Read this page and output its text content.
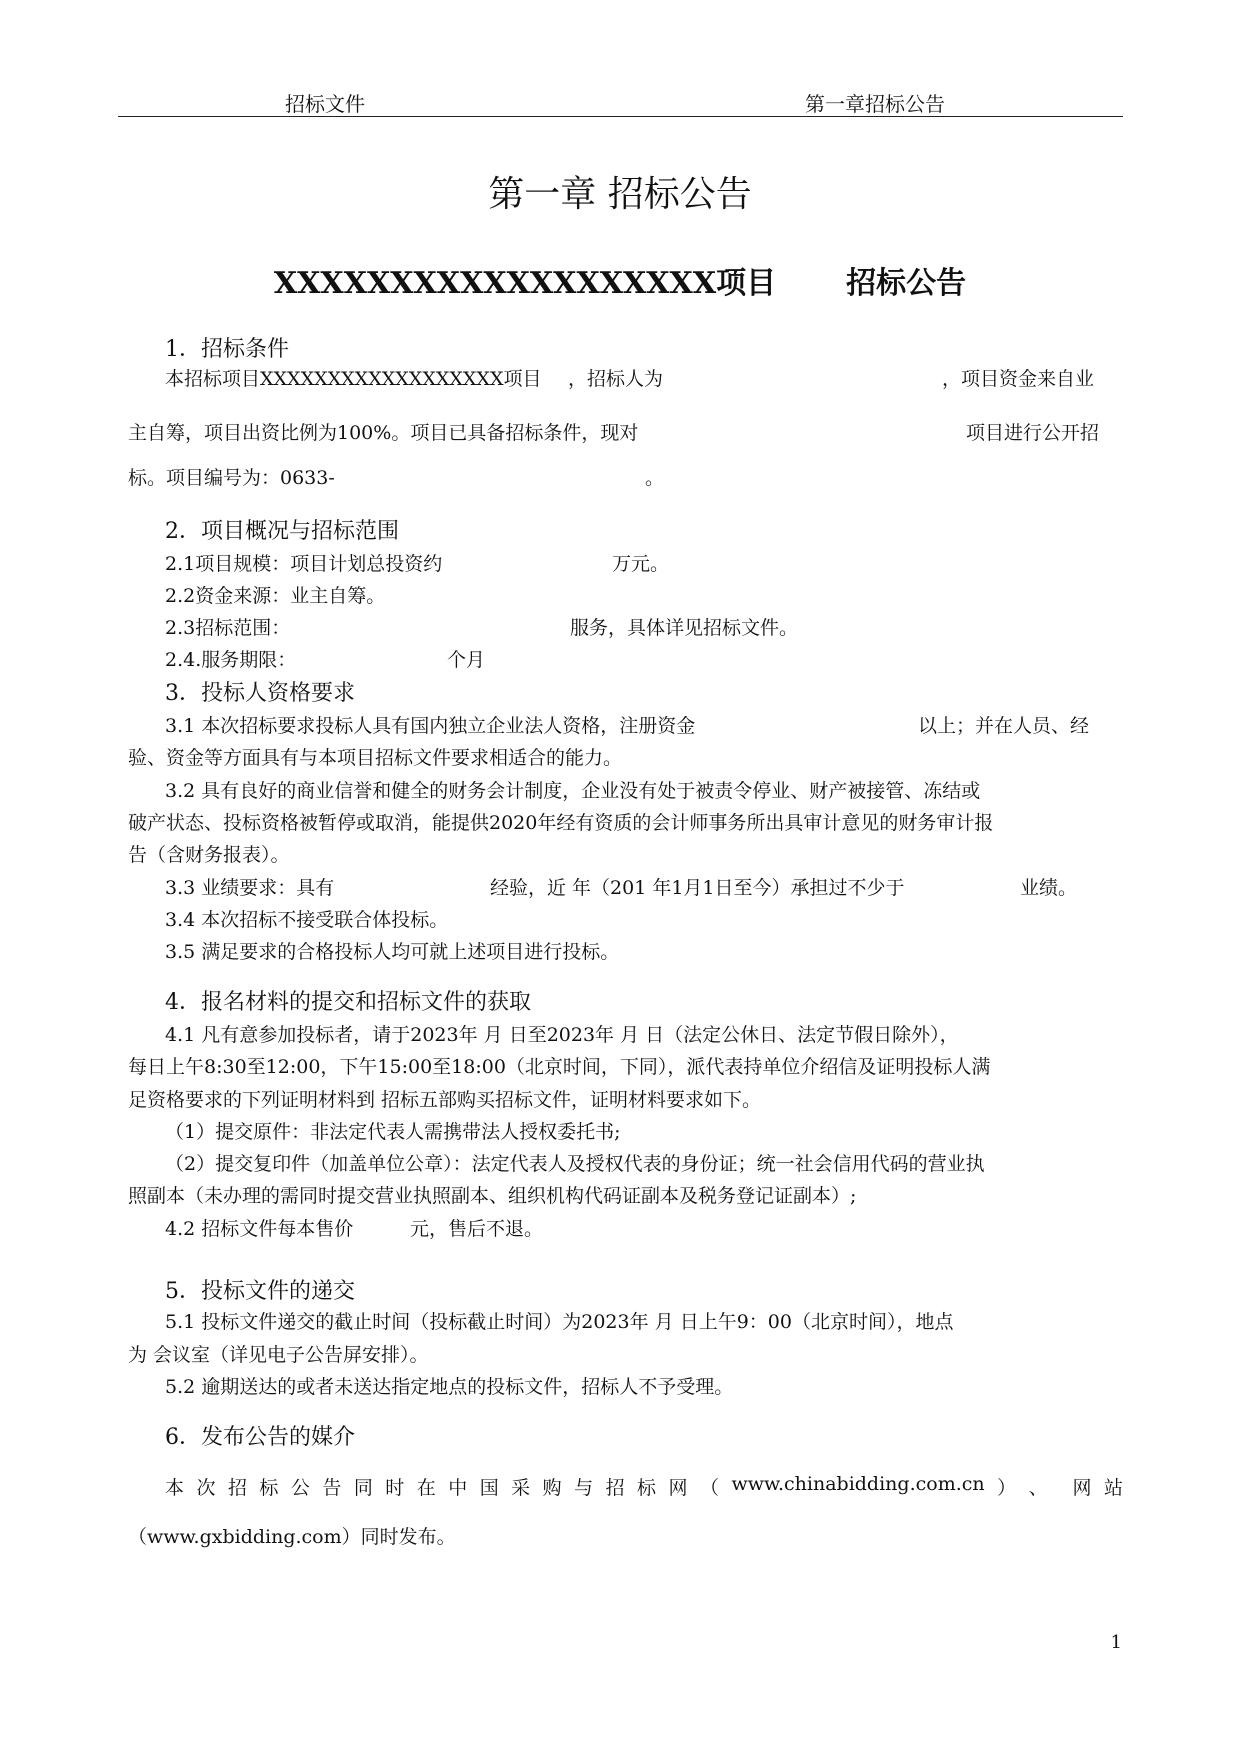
招标文件	第一章招标公告
第一章 招标公告
XXXXXXXXXXXXXXXXXXX项目 招标公告
1．招标条件
本招标项目XXXXXXXXXXXXXXXXXX项目 ，招标人为	，项目资金来自业
主自筹，项目出资比例为100%。项目已具备招标条件，现对	项目进行公开招
标。项目编号为：0633-	。
2．项目概况与招标范围
2.1项目规模：项目计划总投资约	万元。
2.2资金来源：业主自筹。
2.3招标范围：	服务，具体详见招标文件。
2.4.服务期限：	个月
3．投标人资格要求
3.1 本次招标要求投标人具有国内独立企业法人资格，注册资金	以上；并在人员、经
验、资金等方面具有与本项目招标文件要求相适合的能力。
3.2 具有良好的商业信誉和健全的财务会计制度，企业没有处于被责令停业、财产被接管、冻结或
破产状态、投标资格被暂停或取消，能提供2020年经有资质的会计师事务所出具审计意见的财务审计报
告（含财务报表）。
3.3 业绩要求：具有	经验，近 年（201 年1月1日至今）承担过不少于	业绩。
3.4 本次招标不接受联合体投标。
3.5 满足要求的合格投标人均可就上述项目进行投标。
4．报名材料的提交和招标文件的获取
4.1 凡有意参加投标者，请于2023年 月 日至2023年 月 日（法定公休日、法定节假日除外），
每日上午8:30至12:00，下午15:00至18:00（北京时间，下同），派代表持单位介绍信及证明投标人满
足资格要求的下列证明材料到 招标五部购买招标文件，证明材料要求如下。
（1）提交原件：非法定代表人需携带法人授权委托书;
（2）提交复印件（加盖单位公章）：法定代表人及授权代表的身份证；统一社会信用代码的营业执
照副本（未办理的需同时提交营业执照副本、组织机构代码证副本及税务登记证副本）;
4.2 招标文件每本售价	元，售后不退。
5．投标文件的递交
5.1 投标文件递交的截止时间（投标截止时间）为2023年 月 日上午9：00（北京时间），地点
为 会议室（详见电子公告屏安排）。
5.2 逾期送达的或者未送达指定地点的投标文件，招标人不予受理。
6．发布公告的媒介
本 次 招 标 公 告 同 时 在 中 国 采 购 与 招 标 网 （ www.chinabidding.com.cn ） 、 网 站
（www.gxbidding.com）同时发布。
1
